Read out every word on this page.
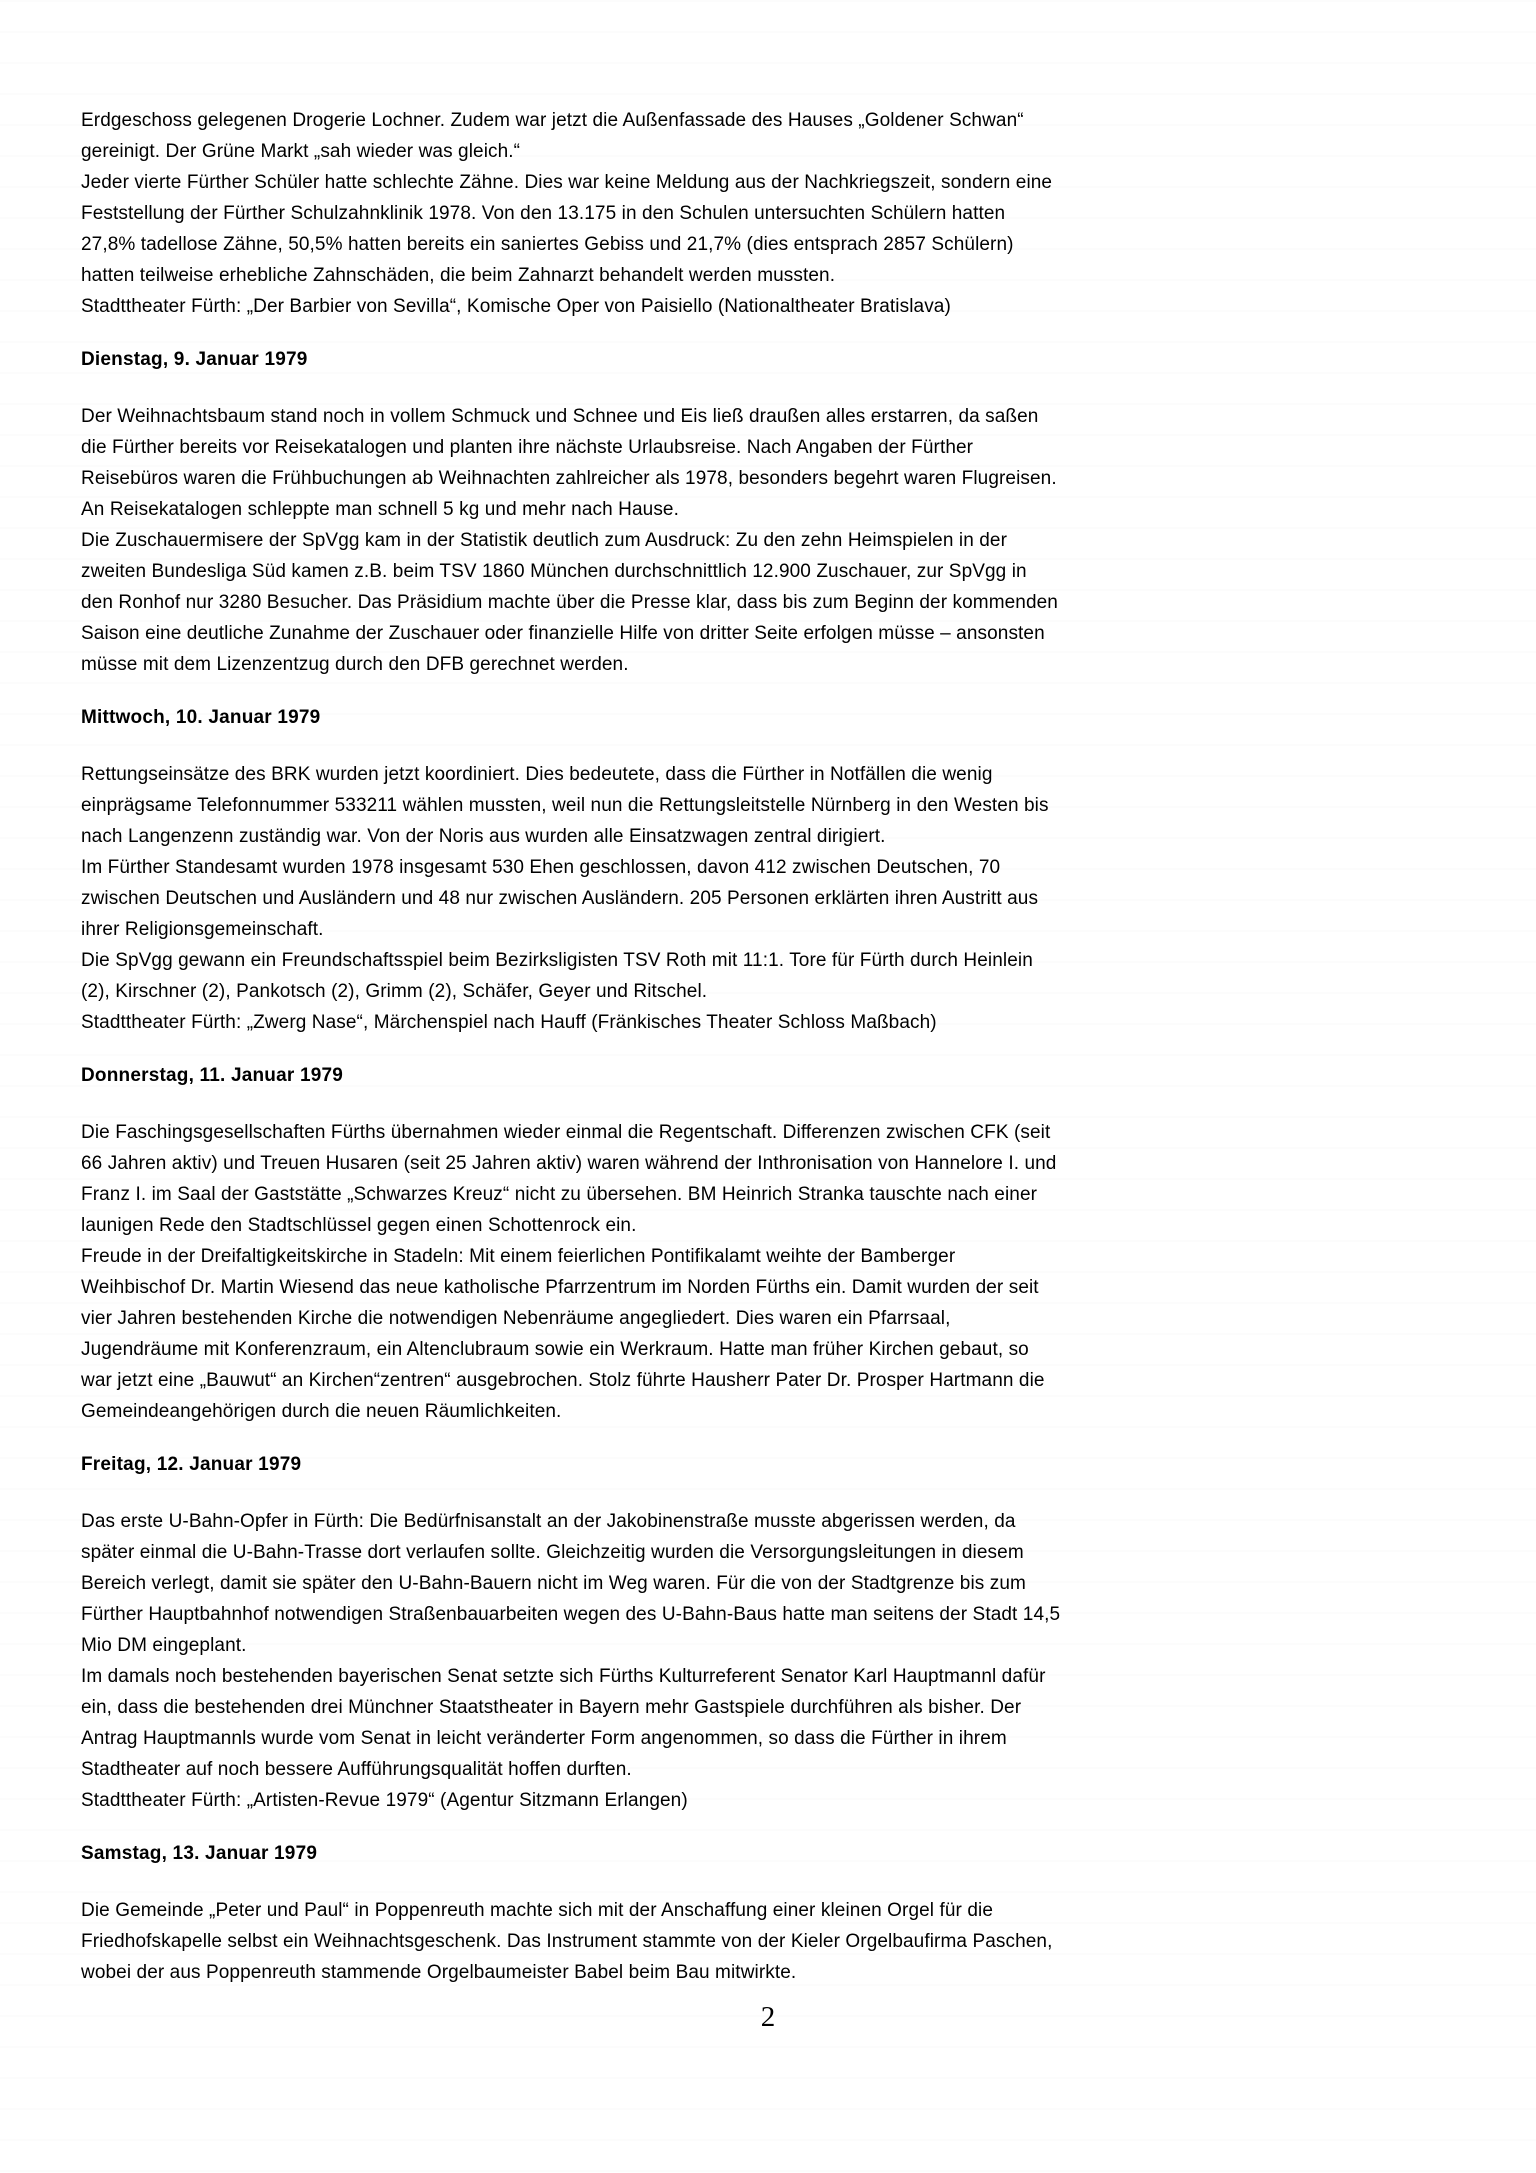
Erdgeschoss gelegenen Drogerie Lochner. Zudem war jetzt die Außenfassade des Hauses „Goldener Schwan“
gereinigt. Der Grüne Markt „sah wieder was gleich.“
Jeder vierte Fürther Schüler hatte schlechte Zähne. Dies war keine Meldung aus der Nachkriegszeit, sondern eine
Feststellung der Fürther Schulzahnklinik 1978. Von den 13.175 in den Schulen untersuchten Schülern hatten
27,8% tadellose Zähne, 50,5% hatten bereits ein saniertes Gebiss und 21,7% (dies entsprach 2857 Schülern)
hatten teilweise erhebliche Zahnschäden, die beim Zahnarzt behandelt werden mussten.
Stadttheater Fürth: „Der Barbier von Sevilla“, Komische Oper von Paisiello (Nationaltheater Bratislava)
Dienstag, 9. Januar 1979
Der Weihnachtsbaum stand noch in vollem Schmuck und Schnee und Eis ließ draußen alles erstarren, da saßen
die Fürther bereits vor Reisekatalogen und planten ihre nächste Urlaubsreise. Nach Angaben der Fürther
Reisebüros waren die Frühbuchungen ab Weihnachten zahlreicher als 1978, besonders begehrt waren Flugreisen.
An Reisekatalogen schleppte man schnell 5 kg und mehr nach Hause.
Die Zuschauermisere der SpVgg kam in der Statistik deutlich zum Ausdruck: Zu den zehn Heimspielen in der
zweiten Bundesliga Süd kamen z.B. beim TSV 1860 München durchschnittlich 12.900 Zuschauer, zur SpVgg in
den Ronhof nur 3280 Besucher. Das Präsidium machte über die Presse klar, dass bis zum Beginn der kommenden
Saison eine deutliche Zunahme der Zuschauer oder finanzielle Hilfe von dritter Seite erfolgen müsse – ansonsten
müsse mit dem Lizenzentzug durch den DFB gerechnet werden.
Mittwoch, 10. Januar 1979
Rettungseinsätze des BRK wurden jetzt koordiniert. Dies bedeutete, dass die Fürther in Notfällen die wenig
einprägsame Telefonnummer 533211 wählen mussten, weil nun die Rettungsleitstelle Nürnberg in den Westen bis
nach Langenzenn zuständig war. Von der Noris aus wurden alle Einsatzwagen zentral dirigiert.
Im Fürther Standesamt wurden 1978 insgesamt 530 Ehen geschlossen, davon 412 zwischen Deutschen, 70
zwischen Deutschen und Ausländern und 48 nur zwischen Ausländern. 205 Personen erklärten ihren Austritt aus
ihrer Religionsgemeinschaft.
Die SpVgg gewann ein Freundschaftsspiel beim Bezirksligisten TSV Roth mit 11:1. Tore für Fürth durch Heinlein
(2), Kirschner (2), Pankotsch (2), Grimm (2), Schäfer, Geyer und Ritschel.
Stadttheater Fürth: „Zwerg Nase“, Märchenspiel nach Hauff (Fränkisches Theater Schloss Maßbach)
Donnerstag, 11. Januar 1979
Die Faschingsgesellschaften Fürths übernahmen wieder einmal die Regentschaft. Differenzen zwischen CFK (seit
66 Jahren aktiv) und Treuen Husaren (seit 25 Jahren aktiv) waren während der Inthronisation von Hannelore I. und
Franz I. im Saal der Gaststätte „Schwarzes Kreuz“ nicht zu übersehen. BM Heinrich Stranka tauschte nach einer
launigen Rede den Stadtschlüssel gegen einen Schottenrock ein.
Freude in der Dreifaltigkeitskirche in Stadeln: Mit einem feierlichen Pontifikalamt weihte der Bamberger
Weihbischof Dr. Martin Wiesend das neue katholische Pfarrzentrum im Norden Fürths ein. Damit wurden der seit
vier Jahren bestehenden Kirche die notwendigen Nebenräume angegliedert. Dies waren ein Pfarrsaal,
Jugendräume mit Konferenzraum, ein Altenclubraum sowie ein Werkraum. Hatte man früher Kirchen gebaut, so
war jetzt eine „Bauwut“ an Kirchen“zentren“ ausgebrochen. Stolz führte Hausherr Pater Dr. Prosper Hartmann die
Gemeindeangehörigen durch die neuen Räumlichkeiten.
Freitag, 12. Januar 1979
Das erste U-Bahn-Opfer in Fürth: Die Bedürfnisanstalt an der Jakobinenstraße musste abgerissen werden, da
später einmal die U-Bahn-Trasse dort verlaufen sollte. Gleichzeitig wurden die Versorgungsleitungen in diesem
Bereich verlegt, damit sie später den U-Bahn-Bauern nicht im Weg waren. Für die von der Stadtgrenze bis zum
Fürther Hauptbahnhof notwendigen Straßenbauarbeiten wegen des U-Bahn-Baus hatte man seitens der Stadt 14,5
Mio DM eingeplant.
Im damals noch bestehenden bayerischen Senat setzte sich Fürths Kulturreferent Senator Karl Hauptmannl dafür
ein, dass die bestehenden drei Münchner Staatstheater in Bayern mehr Gastspiele durchführen als bisher. Der
Antrag Hauptmannls wurde vom Senat in leicht veränderter Form angenommen, so dass die Fürther in ihrem
Stadtheater auf noch bessere Aufführungsqualität hoffen durften.
Stadttheater Fürth: „Artisten-Revue 1979“ (Agentur Sitzmann Erlangen)
Samstag, 13. Januar 1979
Die Gemeinde „Peter und Paul“ in Poppenreuth machte sich mit der Anschaffung einer kleinen Orgel für die
Friedhofskapelle selbst ein Weihnachtsgeschenk. Das Instrument stammte von der Kieler Orgelbaufirma Paschen,
wobei der aus Poppenreuth stammende Orgelbaumeister Babel beim Bau mitwirkte.
2
